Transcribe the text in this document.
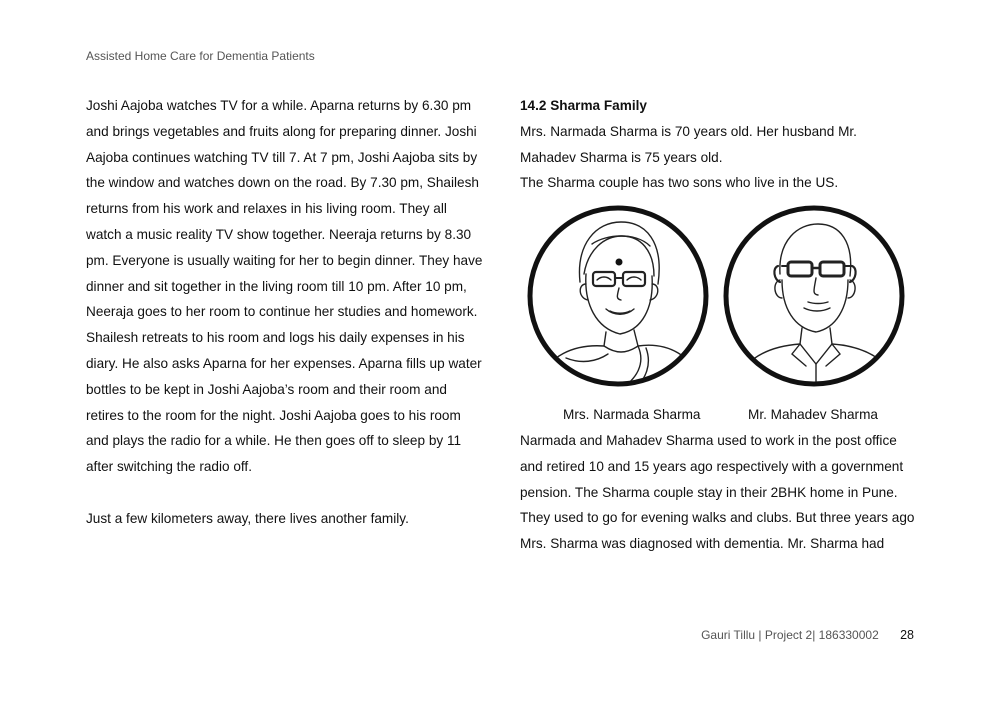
Assisted Home Care for Dementia Patients

Joshi Aajoba watches TV for a while. Aparna returns by 6.30 pm and brings vegetables and fruits along for preparing dinner. Joshi Aajoba continues watching TV till 7. At 7 pm, Joshi Aajoba sits by the window and watches down on the road. By 7.30 pm, Shailesh returns from his work and relaxes in his living room. They all watch a music reality TV show together. Neeraja returns by 8.30 pm. Everyone is usually waiting for her to begin dinner. They have dinner and sit together in the living room till 10 pm. After 10 pm, Neeraja goes to her room to continue her studies and homework. Shailesh retreats to his room and logs his daily expenses in his diary. He also asks Aparna for her expenses. Aparna fills up water bottles to be kept in Joshi Aajoba’s room and their room and retires to the room for the night. Joshi Aajoba goes to his room and plays the radio for a while. He then goes off to sleep by 11 after switching the radio off.

Just a few kilometers away, there lives another family.

14.2 Sharma Family

Mrs. Narmada Sharma is 70 years old. Her husband Mr. Mahadev Sharma is 75 years old.

The Sharma couple has two sons who live in the US.

Mrs. Narmada Sharma	Mr. Mahadev Sharma

Narmada and Mahadev Sharma used to work in the post office and retired 10 and 15 years ago respectively with a government pension. The Sharma couple stay in their 2BHK home in Pune.

They used to go for evening walks and clubs. But three years ago Mrs. Sharma was diagnosed with dementia. Mr. Sharma had

Gauri Tillu | Project 2| 186330002 28
